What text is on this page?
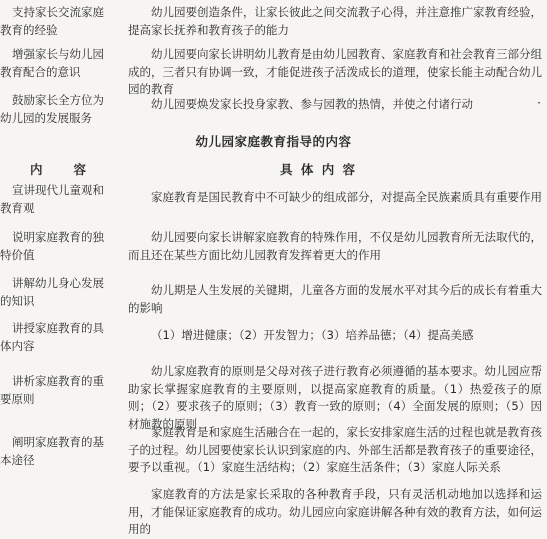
支持家长交流家庭教育的经验
幼儿园要创造条件，让家长彼此之间交流教子心得，并注意推广家教育经验，提高家长抚养和教育孩子的能力
增强家长与幼儿园教育配合的意识
幼儿园要向家长讲明幼儿教育是由幼儿园教育、家庭教育和社会教育三部分组成的，三者只有协调一致，才能促进孩子活泼成长的道理，使家长能主动配合幼儿园的教育
鼓励家长全方位为幼儿园的发展服务
幼儿园要焕发家长投身家教、参与园教的热情，并使之付诸行动	·
幼儿园家庭教育指导的内容
内　　容	具 体 内 容
宣讲现代儿童观和教育观
家庭教育是国民教育中不可缺少的组成部分，对提高全民族素质具有重要作用
说明家庭教育的独特价值
幼儿园要向家长讲解家庭教育的特殊作用，不仅是幼儿园教育所无法取代的，而且还在某些方面比幼儿园教育发挥着更大的作用
讲解幼儿身心发展的知识
幼儿期是人生发展的关键期，儿童各方面的发展水平对其今后的成长有着重大的影响
讲授家庭教育的具体内容
（1）增进健康；（2）开发智力；（3）培养品德；（4）提高美感
讲析家庭教育的重要原则
幼儿家庭教育的原则是父母对孩子进行教育必须遵循的基本要求。幼儿园应帮助家长掌握家庭教育的主要原则，以提高家庭教育的质量。（1）热爱孩子的原则；（2）要求孩子的原则；（3）教育一致的原则；（4）全面发展的原则；（5）因材施教的原则
阐明家庭教育的基本途径
家庭教育是和家庭生活融合在一起的，家长安排家庭生活的过程也就是教育孩子的过程。幼儿园要使家长认识到家庭的内、外部生活都是教育孩子的重要途径，要予以重视。（1）家庭生活结构；（2）家庭生活条件；（3）家庭人际关系
家庭教育的方法是家长采取的各种教育手段，只有灵活机动地加以选择和运用，才能保证家庭教育的成功。幼儿园应向家庭讲解各种有效的教育方法，如何运用的
